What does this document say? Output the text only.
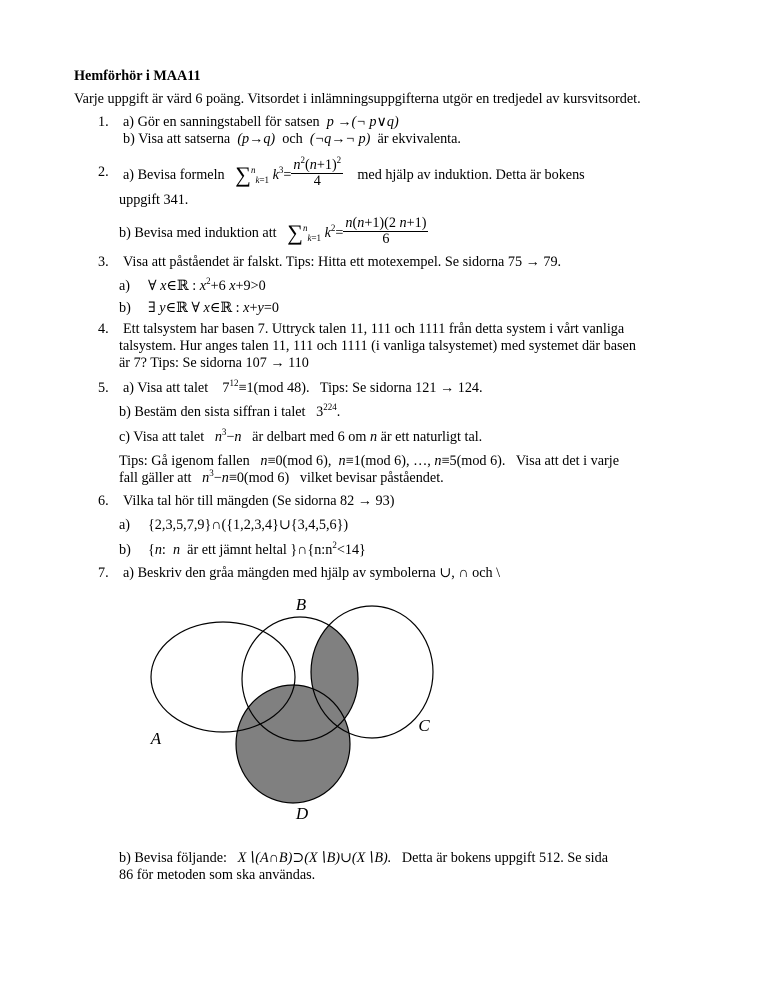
Hemförhör i MAA11
Varje uppgift är värd 6 poäng. Vitsordet i inlämningsuppgifterna utgör en tredjedel av kursvitsordet.
1. a) Gör en sanningstabell för satsen p →(¬ p∨q)
b) Visa att satserna (p→q) och (¬q→¬ p) är ekvivalenta.
2. a) Bevisa formeln ∑$^n_{k=1}$ $k^3= \frac{n^2(n+1)^2}{4}$ med hjälp av induktion. Detta är bokens
uppgift 341.
b) Bevisa med induktion att ∑$^n_{k=1}$ $k^2= \frac{n(n+1)(2 n+1)}{6}$
3. Visa att påståendet är falskt. Tips: Hitta ett motexempel. Se sidorna 75 → 79.
a) ∀ x∈ℝ : $x^2+6$ x+9>0
b) ∃ y∈ℝ ∀ x∈ℝ : x+y=0
4. Ett talsystem har basen 7. Uttryck talen 11, 111 och 1111 från detta system i vårt vanliga
talsystem. Hur anges talen 11, 111 och 1111 (i vanliga talsystemet) med systemet där basen
är 7? Tips: Se sidorna 107 → 110
5. a) Visa att talet $7^{12}\equiv 1(mod$ 48). Tips: Se sidorna 121 → 124.
b) Bestäm den sista siffran i talet $3^{224}$.
c) Visa att talet $n^3-n$ är delbart med 6 om n är ett naturligt tal.
Tips: Gå igenom fallen n≡0(mod 6),  n≡1(mod 6), …, n≡5(mod 6). Visa att det i varje
fall gäller att $n^3-n\equiv 0(mod$ 6) vilket bevisar påståendet.
6. Vilka tal hör till mängden (Se sidorna 82 → 93)
a) {2,3,5,7,9}∩({1,2,3,4}∪{3,4,5,6})
b) {n:  n är ett jämnt heltal }$\cap\{n:n^2<14\}$
7. a) Beskriv den gråa mängden med hjälp av symbolerna ∪, ∩ och \
B
A
C
D
b) Bevisa följande: X∖(A∩B)⊃(X∖B)∪(X∖B). Detta är bokens uppgift 512. Se sida
86 för metoden som ska användas.
